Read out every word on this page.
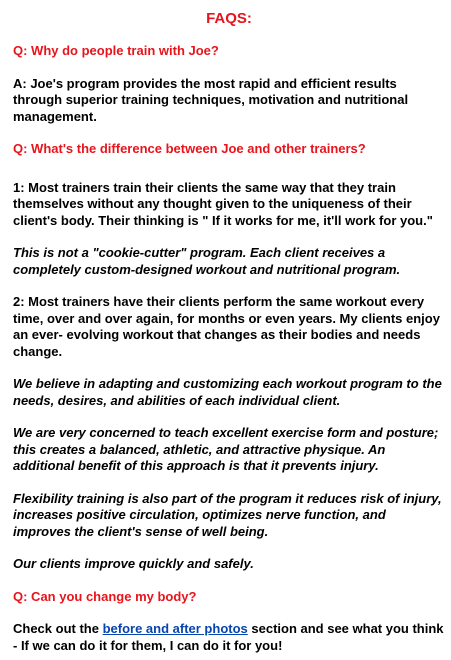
FAQS:

Q: Why do people train with Joe?

A: Joe's program provides the most rapid and efficient results through superior training techniques, motivation and nutritional management.

Q: What's the difference between Joe and other trainers?

1: Most trainers train their clients the same way that they train themselves without any thought given to the uniqueness of their client's body. Their thinking is " If it works for me, it'll work for you."

This is not a "cookie-cutter" program. Each client receives a completely custom-designed workout and nutritional program.

2: Most trainers have their clients perform the same workout every time, over and over again, for months or even years. My clients enjoy an ever- evolving workout that changes as their bodies and needs change.

We believe in adapting and customizing each workout program to the needs, desires, and abilities of each individual client.

We are very concerned to teach excellent exercise form and posture; this creates a balanced, athletic, and attractive physique. An additional benefit of this approach is that it prevents injury.

Flexibility training is also part of the program it reduces risk of injury, increases positive circulation, optimizes nerve function, and improves the client's sense of well being.

Our clients improve quickly and safely.

Q: Can you change my body?

Check out the before and after photos section and see what you think - If we can do it for them, I can do it for you!
